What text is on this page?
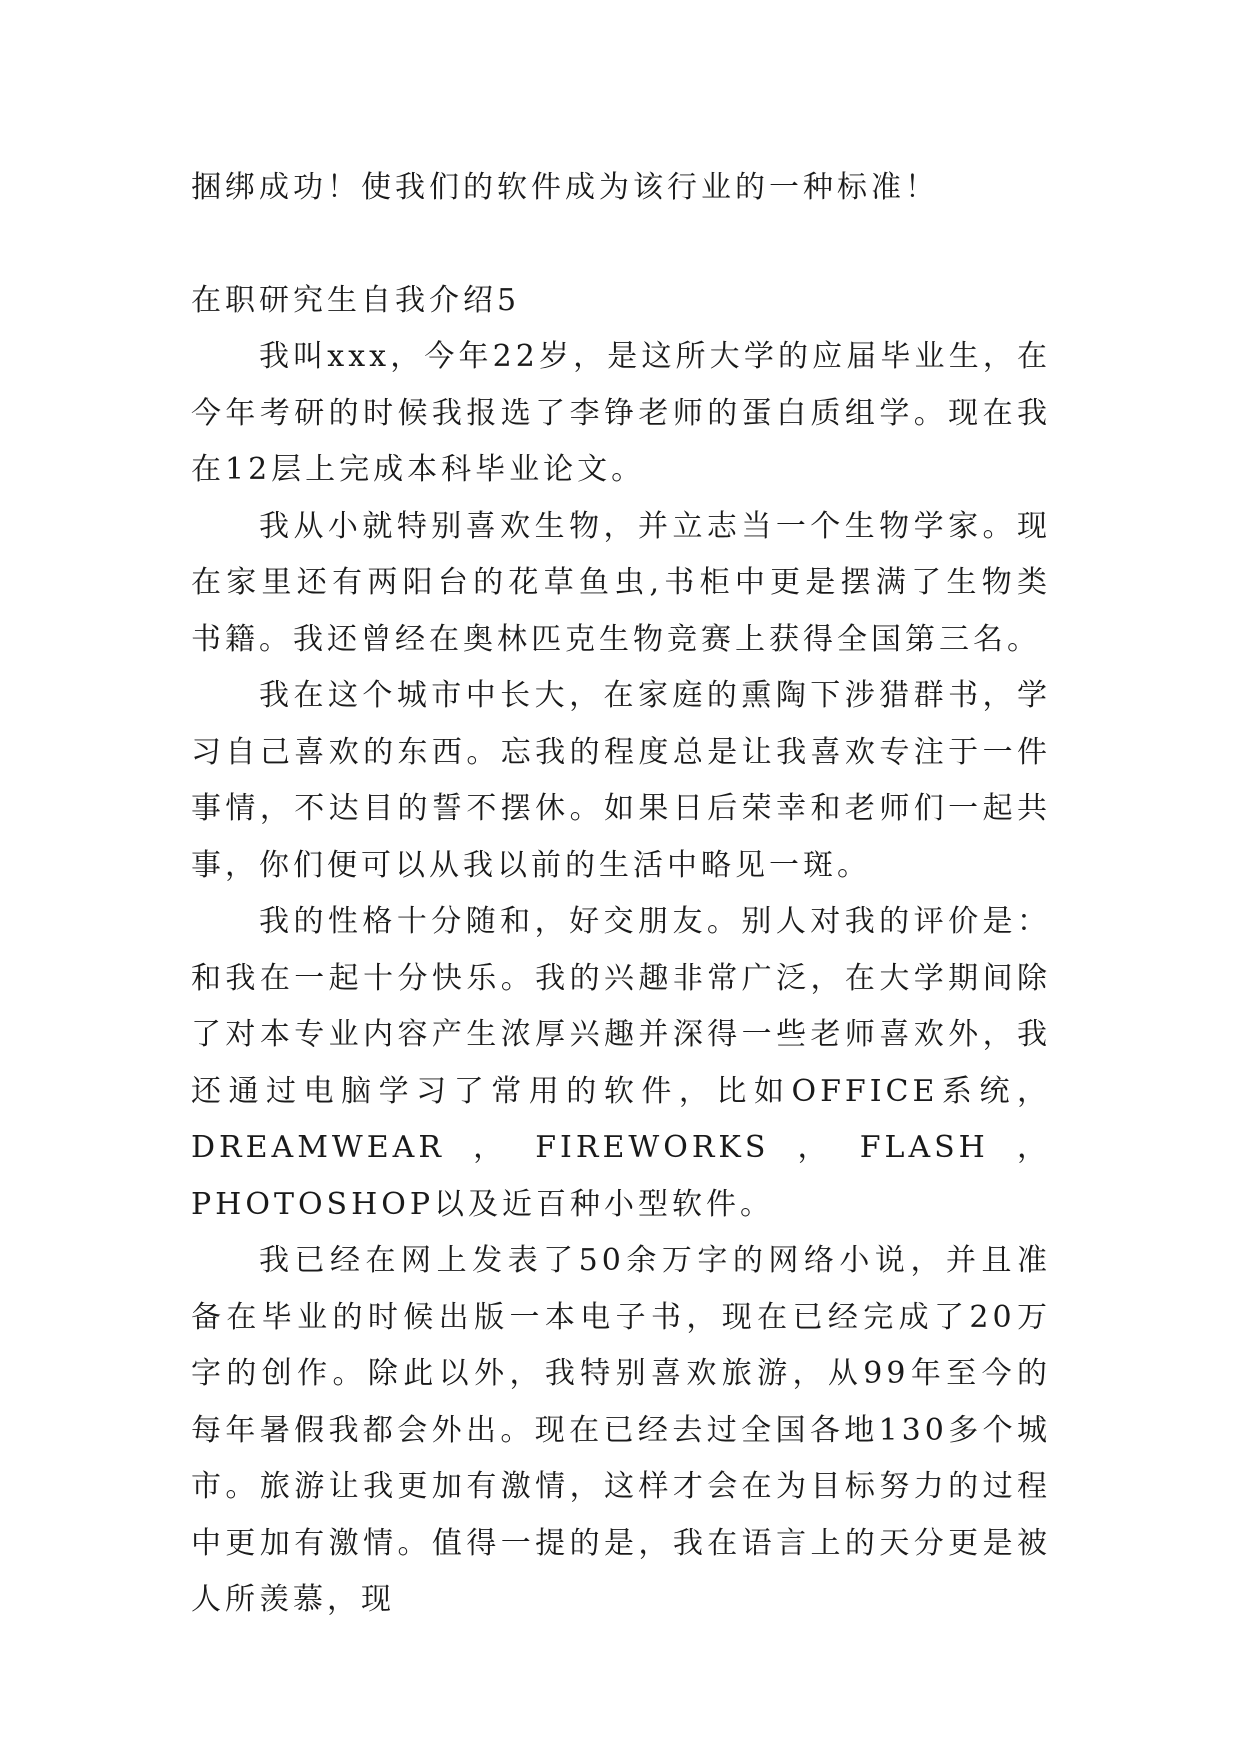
捆绑成功！使我们的软件成为该行业的一种标准！

在职研究生自我介绍5

我叫xxx，今年22岁，是这所大学的应届毕业生，在今年考研的时候我报选了李铮老师的蛋白质组学。现在我在12层上完成本科毕业论文。

我从小就特别喜欢生物，并立志当一个生物学家。现在家里还有两阳台的花草鱼虫,书柜中更是摆满了生物类书籍。我还曾经在奥林匹克生物竞赛上获得全国第三名。

我在这个城市中长大，在家庭的熏陶下涉猎群书，学习自己喜欢的东西。忘我的程度总是让我喜欢专注于一件事情，不达目的誓不摆休。如果日后荣幸和老师们一起共事，你们便可以从我以前的生活中略见一斑。

我的性格十分随和，好交朋友。别人对我的评价是：和我在一起十分快乐。我的兴趣非常广泛，在大学期间除了对本专业内容产生浓厚兴趣并深得一些老师喜欢外，我还通过电脑学习了常用的软件，比如OFFICE系统，DREAMWEAR，FIREWORKS，FLASH，PHOTOSHOP以及近百种小型软件。

我已经在网上发表了50余万字的网络小说，并且准备在毕业的时候出版一本电子书，现在已经完成了20万字的创作。除此以外，我特别喜欢旅游，从99年至今的每年暑假我都会外出。现在已经去过全国各地130多个城市。旅游让我更加有激情，这样才会在为目标努力的过程中更加有激情。值得一提的是，我在语言上的天分更是被人所羡慕，现
